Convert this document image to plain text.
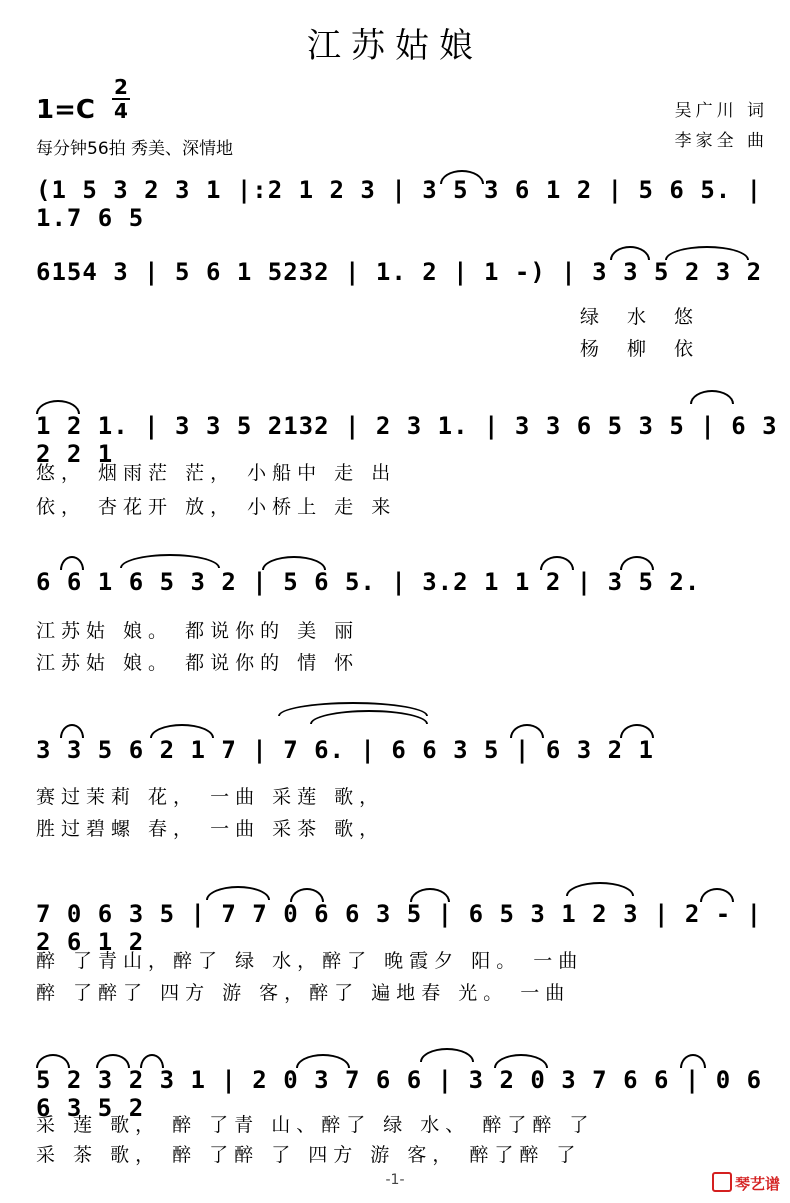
江苏姑娘
1=C
2
4
每分钟56拍 秀美、深情地
吴广川 词
李家全 曲
(1 5 3 2 3 1 |:2 1 2 3 | 3 5 3 6 1 2 | 5 6 5. | 1.7 6 5
6154 3 | 5 6 1 5232 | 1. 2 | 1 -) | 3 3 5 2 3 2
绿水悠
杨柳依
1 2 1. | 3 3 5 2132 | 2 3 1. | 3 3 6 5 3 5 | 6 3 2 2 1
悠， 烟雨茫 茫， 小船中 走 出
依， 杏花开 放， 小桥上 走 来
6 6 1 6 5 3 2 | 5 6 5. | 3.2 1 1 2 | 3 5 2.
江苏姑 娘。 都说你的 美 丽
江苏姑 娘。 都说你的 情 怀
3 3 5 6 2 1 7 | 7 6. | 6 6 3 5 | 6 3 2 1
赛过茉莉 花， 一曲 采莲 歌，
胜过碧螺 春， 一曲 采茶 歌，
7 0 6 3 5 | 7 7 0 6 6 3 5 | 6 5 3 1 2 3 | 2 - | 2 6 1 2
醉 了青山，醉了 绿 水，醉了 晚霞夕 阳。 一曲
醉 了醉了 四方 游 客，醉了 遍地春 光。 一曲
5 2 3 2 3 1 | 2 0 3 7 6 6 | 3 2 0 3 7 6 6 | 0 6 6 3 5 2
采 莲 歌， 醉 了青 山、醉了 绿 水、 醉了醉 了
采 茶 歌， 醉 了醉 了 四方 游 客， 醉了醉 了
-1-	琴艺谱
